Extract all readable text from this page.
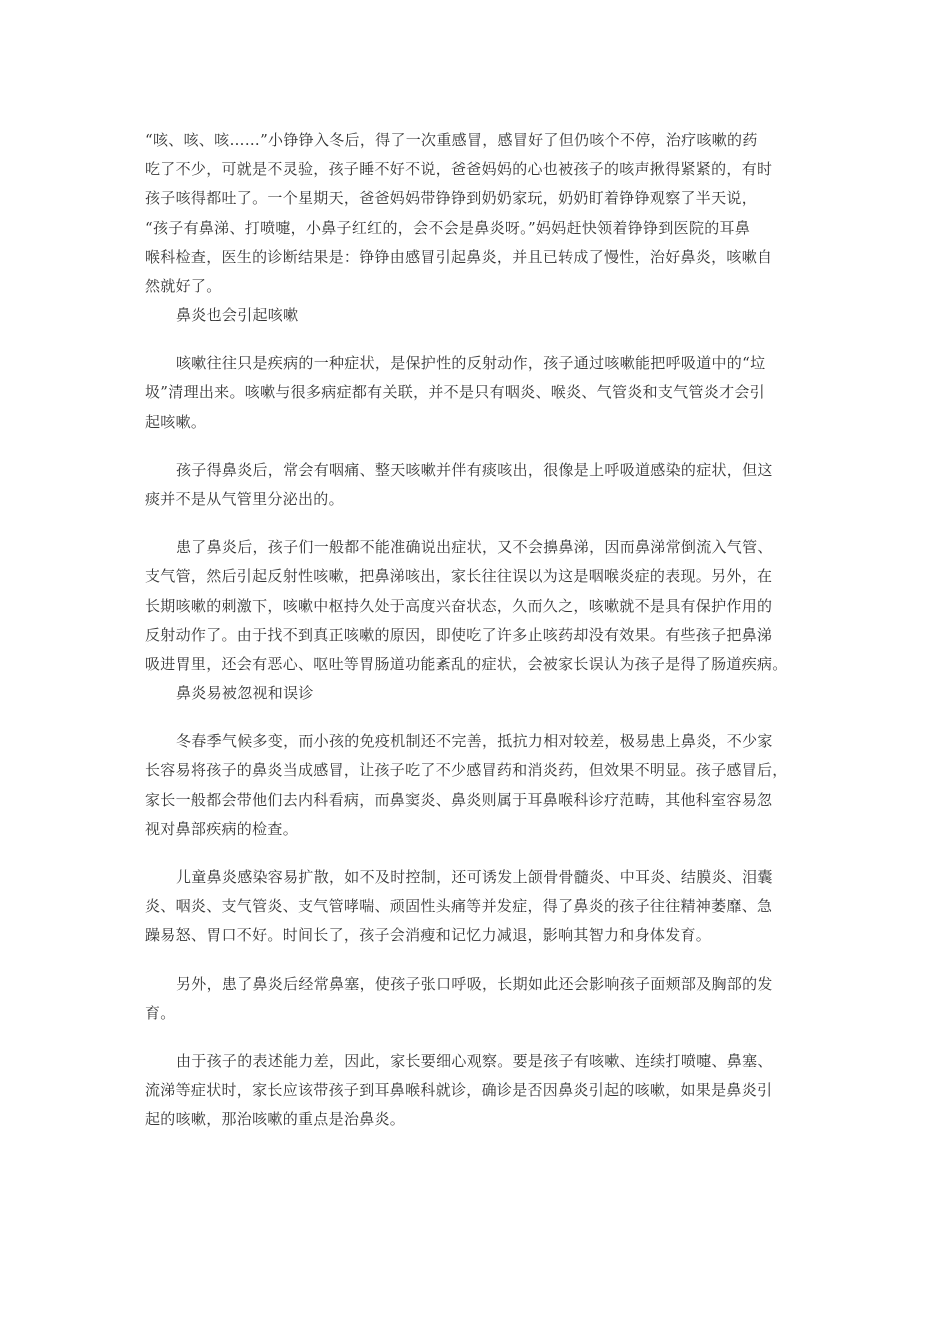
“咳、咳、咳……”小铮铮入冬后，得了一次重感冒，感冒好了但仍咳个不停，治疗咳嗽的药
吃了不少，可就是不灵验，孩子睡不好不说，爸爸妈妈的心也被孩子的咳声揪得紧紧的，有时
孩子咳得都吐了。一个星期天，爸爸妈妈带铮铮到奶奶家玩，奶奶盯着铮铮观察了半天说，
“孩子有鼻涕、打喷嚏，小鼻子红红的，会不会是鼻炎呀。”妈妈赶快领着铮铮到医院的耳鼻
喉科检查，医生的诊断结果是：铮铮由感冒引起鼻炎，并且已转成了慢性，治好鼻炎，咳嗽自
然就好了。

鼻炎也会引起咳嗽

咳嗽往往只是疾病的一种症状，是保护性的反射动作，孩子通过咳嗽能把呼吸道中的“垃
圾”清理出来。咳嗽与很多病症都有关联，并不是只有咽炎、喉炎、气管炎和支气管炎才会引
起咳嗽。

孩子得鼻炎后，常会有咽痛、整天咳嗽并伴有痰咳出，很像是上呼吸道感染的症状，但这
痰并不是从气管里分泌出的。

患了鼻炎后，孩子们一般都不能准确说出症状，又不会擤鼻涕，因而鼻涕常倒流入气管、
支气管，然后引起反射性咳嗽，把鼻涕咳出，家长往往误以为这是咽喉炎症的表现。另外，在
长期咳嗽的刺激下，咳嗽中枢持久处于高度兴奋状态，久而久之，咳嗽就不是具有保护作用的
反射动作了。由于找不到真正咳嗽的原因，即使吃了许多止咳药却没有效果。有些孩子把鼻涕
吸进胃里，还会有恶心、呕吐等胃肠道功能紊乱的症状，会被家长误认为孩子是得了肠道疾病。

鼻炎易被忽视和误诊

冬春季气候多变，而小孩的免疫机制还不完善，抵抗力相对较差，极易患上鼻炎，不少家
长容易将孩子的鼻炎当成感冒，让孩子吃了不少感冒药和消炎药，但效果不明显。孩子感冒后，
家长一般都会带他们去内科看病，而鼻窦炎、鼻炎则属于耳鼻喉科诊疗范畴，其他科室容易忽
视对鼻部疾病的检查。

儿童鼻炎感染容易扩散，如不及时控制，还可诱发上颌骨骨髓炎、中耳炎、结膜炎、泪囊
炎、咽炎、支气管炎、支气管哮喘、顽固性头痛等并发症，得了鼻炎的孩子往往精神萎靡、急
躁易怒、胃口不好。时间长了，孩子会消瘦和记忆力减退，影响其智力和身体发育。

另外，患了鼻炎后经常鼻塞，使孩子张口呼吸，长期如此还会影响孩子面颊部及胸部的发
育。

由于孩子的表述能力差，因此，家长要细心观察。要是孩子有咳嗽、连续打喷嚏、鼻塞、
流涕等症状时，家长应该带孩子到耳鼻喉科就诊，确诊是否因鼻炎引起的咳嗽，如果是鼻炎引
起的咳嗽，那治咳嗽的重点是治鼻炎。
